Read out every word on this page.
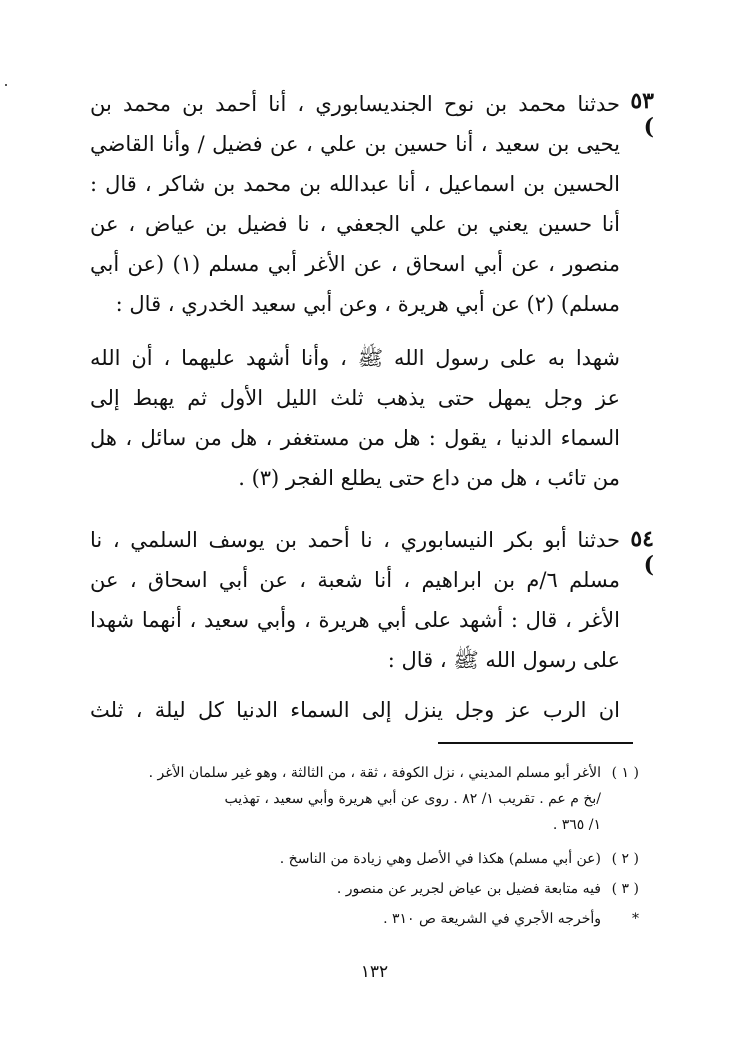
٥٣ )
حدثنا محمد بن نوح الجنديسابوري ، أنا أحمد بن محمد بن
يحيى بن سعيد ، أنا حسين بن علي ، عن فضيل / وأنا القاضي
الحسين بن اسماعيل ، أنا عبدالله بن محمد بن شاكر ، قال :
أنا حسين يعني بن علي الجعفي ، نا فضيل بن عياض ، عن
منصور ، عن أبي اسحاق ، عن الأغر أبي مسلم (١) (عن أبي
مسلم) (٢) عن أبي هريرة ، وعن أبي سعيد الخدري ، قال :
شهدا به على رسول الله ﷺ ، وأنا أشهد عليهما ، أن الله
عز وجل يمهل حتى يذهب ثلث الليل الأول ثم يهبط إلى
السماء الدنيا ، يقول : هل من مستغفر ، هل من سائل ، هل
من تائب ، هل من داع حتى يطلع الفجر (٣) .
٥٤ )
حدثنا أبو بكر النيسابوري ، نا أحمد بن يوسف السلمي ، نا
مسلم ٦/م بن ابراهيم ، أنا شعبة ، عن أبي اسحاق ، عن
الأغر ، قال : أشهد على أبي هريرة ، وأبي سعيد ، أنهما شهدا
على رسول الله ﷺ ، قال :
ان الرب عز وجل ينزل إلى السماء الدنيا كل ليلة ، ثلث
( ١ )الأغر أبو مسلم المديني ، نزل الكوفة ، ثقة ، من الثالثة ، وهو غير سلمان الأغر .
/بخ م عم . تقريب ١/ ٨٢ . روى عن أبي هريرة وأبي سعيد ، تهذيب
١/ ٣٦٥ .
( ٢ )(عن أبي مسلم) هكذا في الأصل وهي زيادة من الناسخ .
( ٣ )فيه متابعة فضيل بن عياض لجرير عن منصور .
*وأخرجه الأجري في الشريعة ص ٣١٠ .
١٣٢
